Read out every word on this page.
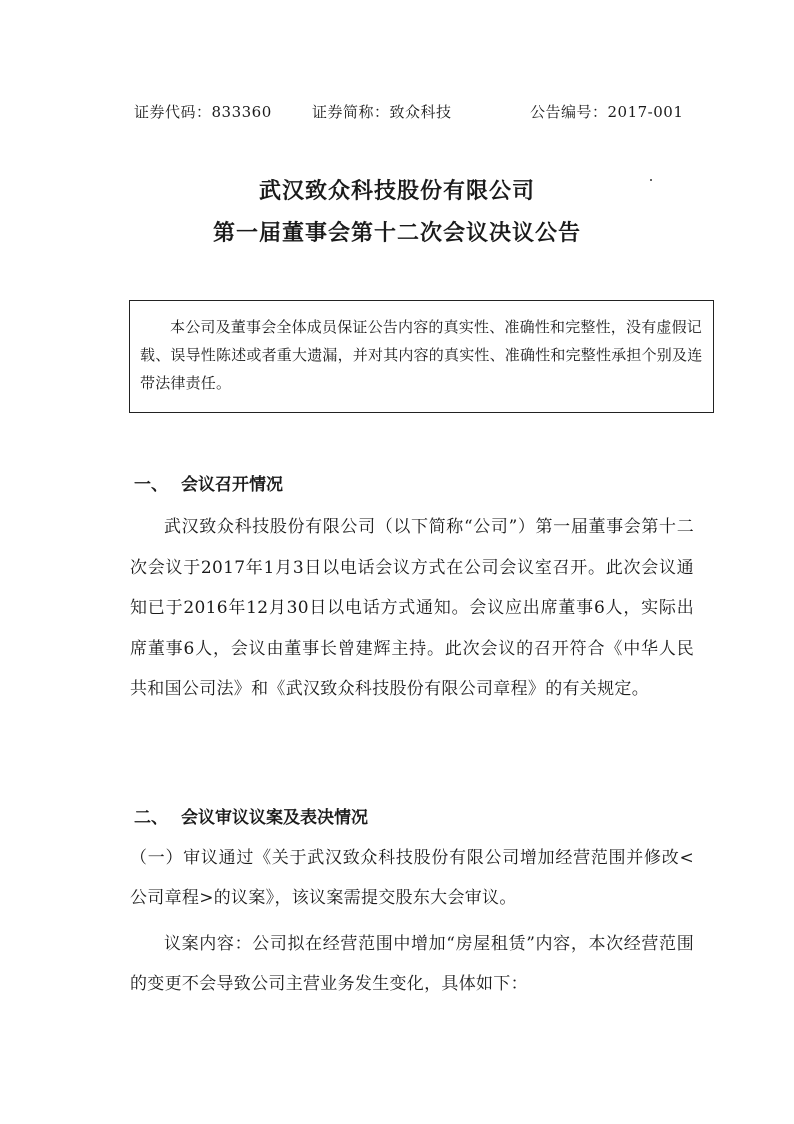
证券代码：833360	证券简称：致众科技	公告编号：2017-001
武汉致众科技股份有限公司
第一届董事会第十二次会议决议公告
本公司及董事会全体成员保证公告内容的真实性、准确性和完整性，没有虚假记载、误导性陈述或者重大遗漏，并对其内容的真实性、准确性和完整性承担个别及连带法律责任。
一、 会议召开情况
武汉致众科技股份有限公司（以下简称“公司”）第一届董事会第十二次会议于2017年1月3日以电话会议方式在公司会议室召开。此次会议通知已于2016年12月30日以电话方式通知。会议应出席董事6人，实际出席董事6人，会议由董事长曾建辉主持。此次会议的召开符合《中华人民共和国公司法》和《武汉致众科技股份有限公司章程》的有关规定。
二、 会议审议议案及表决情况
（一）审议通过《关于武汉致众科技股份有限公司增加经营范围并修改<公司章程>的议案》，该议案需提交股东大会审议。
议案内容：公司拟在经营范围中增加“房屋租赁”内容，本次经营范围的变更不会导致公司主营业务发生变化，具体如下：
